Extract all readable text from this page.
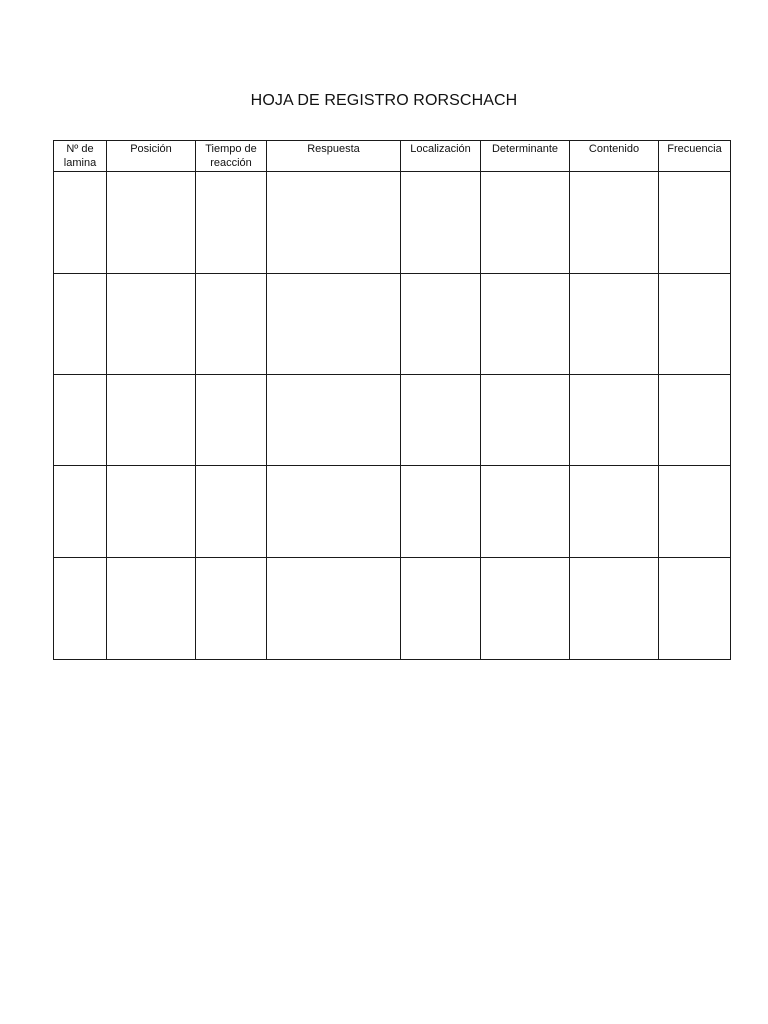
HOJA DE REGISTRO RORSCHACH
Nº de lamina	Posición	Tiempo de reacción	Respuesta	Localización	Determinante	Contenido	Frecuencia
